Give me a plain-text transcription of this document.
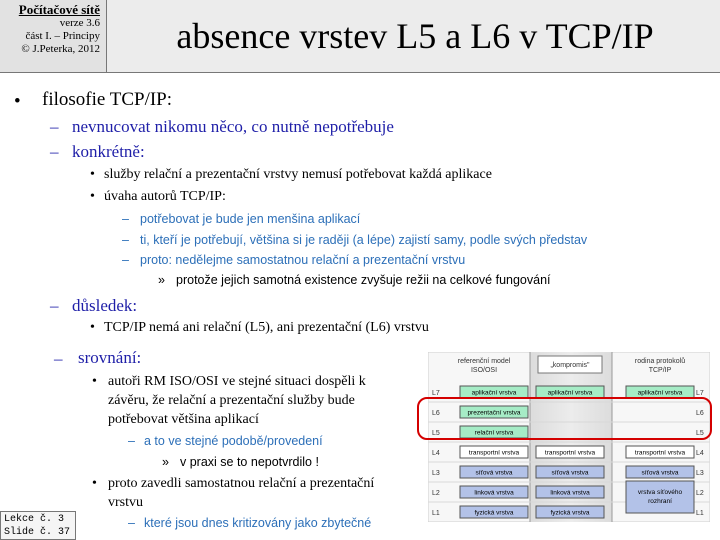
Počítačové sítě
verze 3.6
část I. – Principy
© J.Peterka, 2012	absence vrstev L5 a L6 v TCP/IP
• filosofie TCP/IP:
– nevnucovat nikomu něco, co nutně nepotřebuje
– konkrétně:
• služby relační a prezentační vrstvy nemusí potřebovat každá aplikace
• úvaha autorů TCP/IP:
– potřebovat je bude jen menšina aplikací
– ti, kteří je potřebují, většina si je raději (a lépe) zajistí samy, podle svých představ
– proto: nedělejme samostatnou relační a prezentační vrstvu
» protože jejich samotná existence zvyšuje režii na celkové fungování
– důsledek:
• TCP/IP nemá ani relační (L5), ani prezentační (L6) vrstvu
– srovnání:
• autoři RM ISO/OSI ve stejné situaci dospěli k
závěru, že relační a prezentační služby bude
potřebovat většina aplikací
– a to ve stejné podobě/provedení
» v praxi se to nepotvrdilo !
• proto zavedli samostatnou relační a prezentační
vrstvu
– které jsou dnes kritizovány jako zbytečné
Lekce č. 3
Slide č. 37
referenční model
ISO/OSI
„kompromis"
rodina protokolů
TCP/IP
L7	L7
L6	L6
L5	L5
L4	L4
L3	L3
L2	L2
L1	L1
aplikační vrstva
prezentační vrstva
relační vrstva
transportní vrstva
síťová vrstva
linková vrstva
fyzická vrstva
aplikační vrstva
transportní vrstva
síťová vrstva
linková vrstva
fyzická vrstva
aplikační vrstva
transportní vrstva
síťová vrstva
vrstva síťového
rozhraní
